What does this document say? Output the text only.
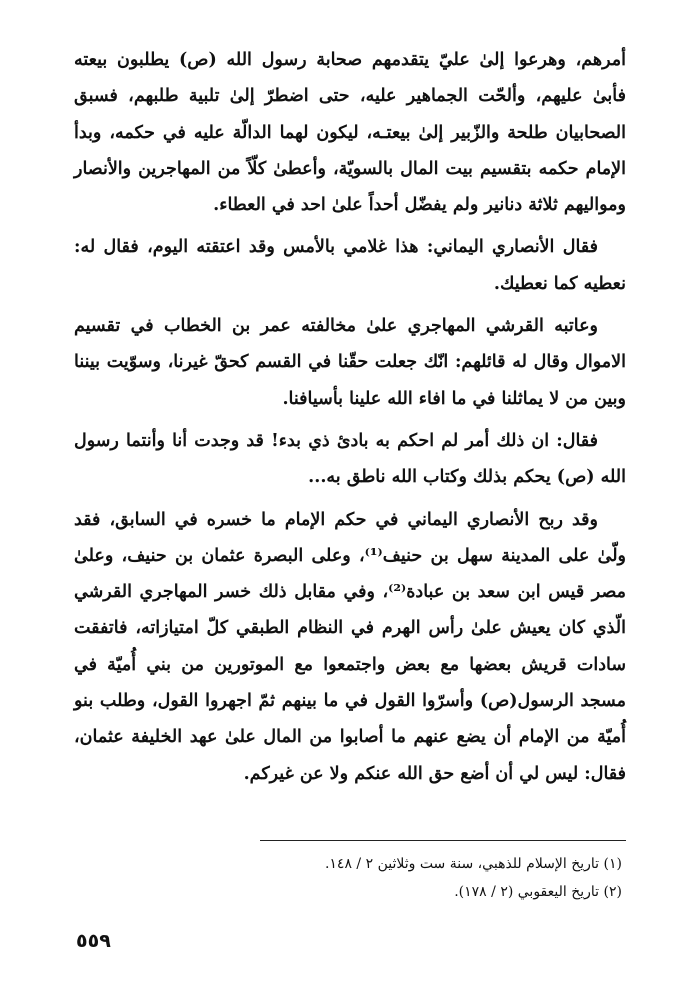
أمرهم، وهرعوا إلىٰ عليّ يتقدمهم صحابة رسول الله (ص) يطلبون بيعته فأبىٰ عليهم، وألحّت الجماهير عليه، حتى اضطرّ إلىٰ تلبية طلبهم، فسبق الصحابيان طلحة والزّبير إلىٰ بيعتـه، ليكون لهما الدالّة عليه في حكمه، وبدأ الإمام حكمه بتقسيم بيت المال بالسويّة، وأعطىٰ كلّاً من المهاجرين والأنصار ومواليهم ثلاثة دنانير ولم يفضّل أحداً علىٰ احد في العطاء.

فقال الأنصاري اليماني: هذا غلامي بالأمس وقد اعتقته اليوم، فقال له: نعطيه كما نعطيك.

وعاتبه القرشي المهاجري علىٰ مخالفته عمر بن الخطاب في تقسيم الاموال وقال له قائلهم: انّك جعلت حقّنا في القسم كحقّ غيرنا، وسوّيت بيننا وبين من لا يماثلنا في ما افاء الله علينا بأسيافنا.

فقال: ان ذلك أمر لم احكم به بادئ ذي بدء! قد وجدت أنا وأنتما رسول الله (ص) يحكم بذلك وكتاب الله ناطق به...

وقد ربح الأنصاري اليماني في حكم الإمام ما خسره في السابق، فقد ولّىٰ على المدينة سهل بن حنيف⁽¹⁾، وعلى البصرة عثمان بن حنيف، وعلىٰ مصر قيس ابن سعد بن عبادة⁽²⁾، وفي مقابل ذلك خسر المهاجري القرشي الّذي كان يعيش علىٰ رأس الهرم في النظام الطبقي كلّ امتيازاته، فاتفقت سادات قريش بعضها مع بعض واجتمعوا مع الموتورين من بني أُميّة في مسجد الرسول(ص) وأسرّوا القول في ما بينهم ثمّ اجهروا القول، وطلب بنو أُميّة من الإمام أن يضع عنهم ما أصابوا من المال علىٰ عهد الخليفة عثمان، فقال: ليس لي أن أضع حق الله عنكم ولا عن غيركم.

(١) تاريخ الإسلام للذهبي، سنة ست وثلاثين ٢ / ١٤٨.

(٢) تاريخ اليعقوبي (٢ / ١٧٨).

٥٥٩
